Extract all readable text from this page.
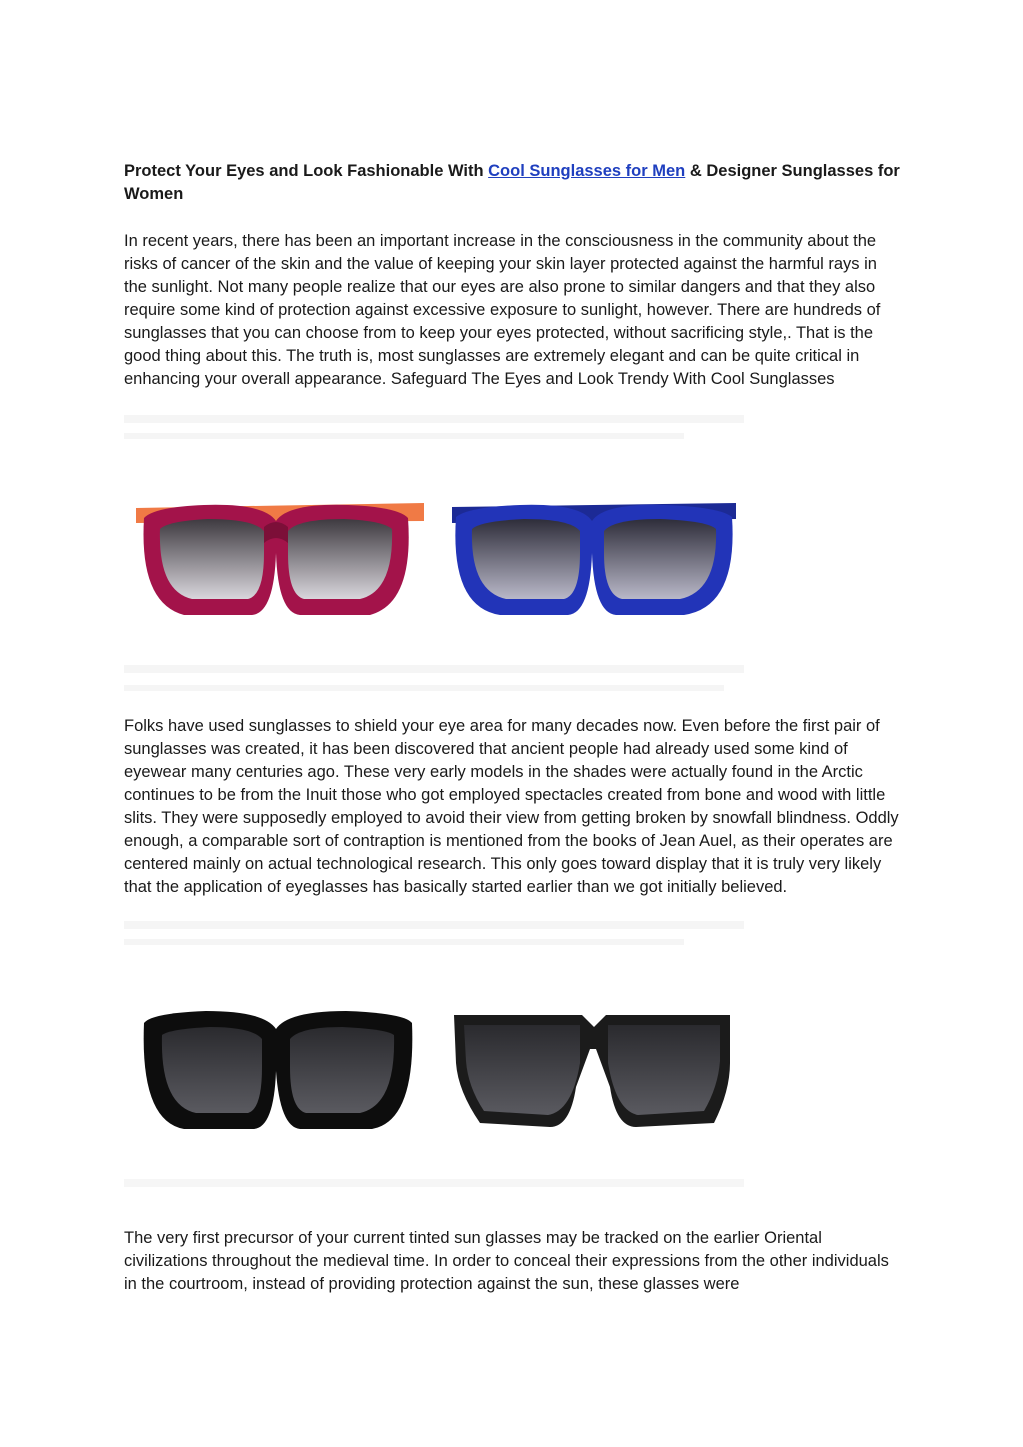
Protect Your Eyes and Look Fashionable With Cool Sunglasses for Men & Designer Sunglasses for Women

In recent years, there has been an important increase in the consciousness in the community about the risks of cancer of the skin and the value of keeping your skin layer protected against the harmful rays in the sunlight. Not many people realize that our eyes are also prone to similar dangers and that they also require some kind of protection against excessive exposure to sunlight, however. There are hundreds of sunglasses that you can choose from to keep your eyes protected, without sacrificing style,. That is the good thing about this. The truth is, most sunglasses are extremely elegant and can be quite critical in enhancing your overall appearance. Safeguard The Eyes and Look Trendy With Cool Sunglasses

Folks have used sunglasses to shield your eye area for many decades now. Even before the first pair of sunglasses was created, it has been discovered that ancient people had already used some kind of eyewear many centuries ago. These very early models in the shades were actually found in the Arctic continues to be from the Inuit those who got employed spectacles created from bone and wood with little slits. They were supposedly employed to avoid their view from getting broken by snowfall blindness. Oddly enough, a comparable sort of contraption is mentioned from the books of Jean Auel, as their operates are centered mainly on actual technological research. This only goes toward display that it is truly very likely that the application of eyeglasses has basically started earlier than we got initially believed.

The very first precursor of your current tinted sun glasses may be tracked on the earlier Oriental civilizations throughout the medieval time. In order to conceal their expressions from the other individuals in the courtroom, instead of providing protection against the sun, these glasses were
